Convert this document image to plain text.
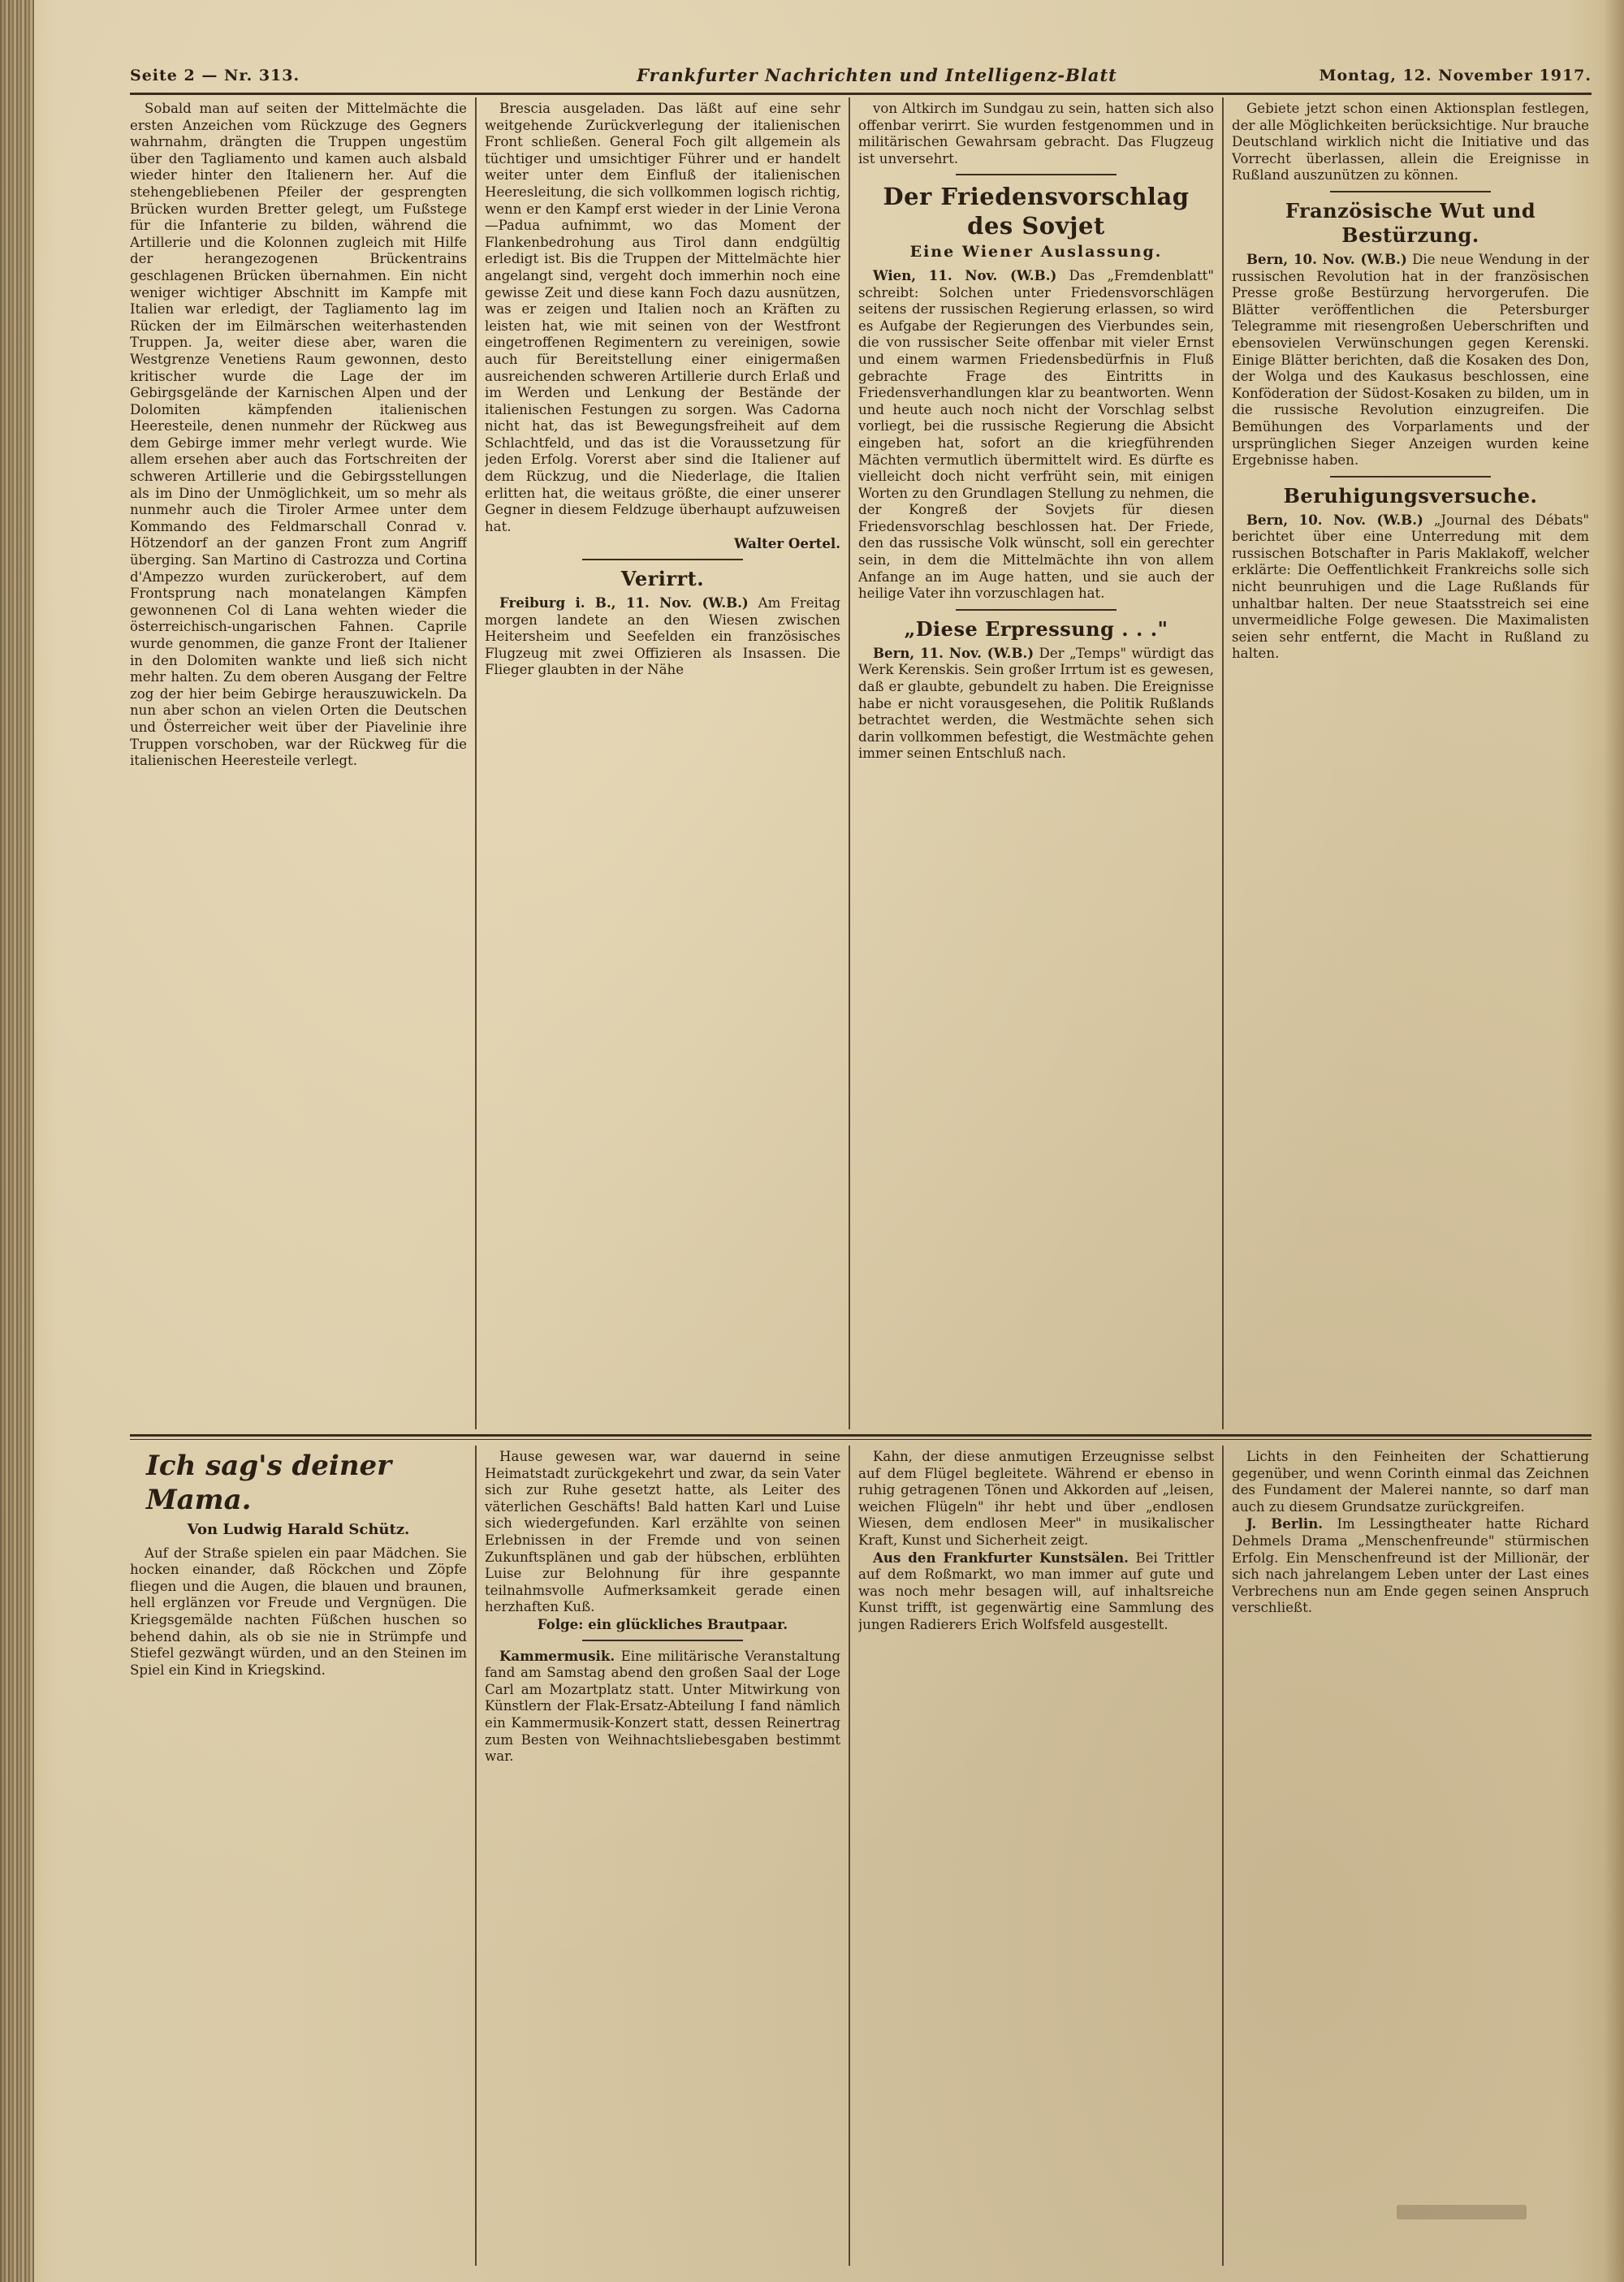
Seite 2 — Nr. 313.	Frankfurter Nachrichten und Intelligenz-Blatt	Montag, 12. November 1917.

Sobald man auf seiten der Mittelmächte die ersten Anzeichen vom Rückzuge des Gegners wahrnahm, drängten die Truppen ungestüm über den Tagliamento und kamen auch alsbald wieder hinter den Italienern her. Auf die stehengebliebenen Pfeiler der gesprengten Brücken wurden Bretter gelegt, um Fußstege für die Infanterie zu bilden, während die Artillerie und die Kolonnen zugleich mit Hilfe der herangezogenen Brückentrains geschlagenen Brücken übernahmen. Ein nicht weniger wichtiger Abschnitt im Kampfe mit Italien war erledigt, der Tagliamento lag im Rücken der im Eilmärschen weiterhastenden Truppen. Ja, weiter diese aber, waren die Westgrenze Venetiens Raum gewonnen, desto kritischer wurde die Lage der im Gebirgsgelände der Karnischen Alpen und der Dolomiten kämpfenden italienischen Heeresteile, denen nunmehr der Rückweg aus dem Gebirge immer mehr verlegt wurde. Wie allem ersehen aber auch das Fortschreiten der schweren Artillerie und die Gebirgsstellungen als im Dino der Unmöglichkeit, um so mehr als nunmehr auch die Tiroler Armee unter dem Kommando des Feldmarschall Conrad v. Hötzendorf an der ganzen Front zum Angriff überging. San Martino di Castrozza und Cortina d'Ampezzo wurden zurückerobert, auf dem Frontsprung nach monatelangen Kämpfen gewonnenen Col di Lana wehten wieder die österreichisch-ungarischen Fahnen. Caprile wurde genommen, die ganze Front der Italiener in den Dolomiten wankte und ließ sich nicht mehr halten. Zu dem oberen Ausgang der Feltre zog der hier beim Gebirge herauszuwickeln. Da nun aber schon an vielen Orten die Deutschen und Österreicher weit über der Piavelinie ihre Truppen vorschoben, war der Rückweg für die italienischen Heeresteile verlegt.

Brescia ausgeladen. Das läßt auf eine sehr weitgehende Zurückverlegung der italienischen Front schließen. General Foch gilt allgemein als tüchtiger und umsichtiger Führer und er handelt weiter unter dem Einfluß der italienischen Heeresleitung, die sich vollkommen logisch richtig, wenn er den Kampf erst wieder in der Linie Verona—Padua aufnimmt, wo das Moment der Flankenbedrohung aus Tirol dann endgültig erledigt ist. Bis die Truppen der Mittelmächte hier angelangt sind, vergeht doch immerhin noch eine gewisse Zeit und diese kann Foch dazu ausnützen, was er zeigen und Italien noch an Kräften zu leisten hat, wie mit seinen von der Westfront eingetroffenen Regimentern zu vereinigen, sowie auch für Bereitstellung einer einigermaßen ausreichenden schweren Artillerie durch Erlaß und im Werden und Lenkung der Bestände der italienischen Festungen zu sorgen. Was Cadorna nicht hat, das ist Bewegungsfreiheit auf dem Schlachtfeld, und das ist die Voraussetzung für jeden Erfolg. Vorerst aber sind die Italiener auf dem Rückzug, und die Niederlage, die Italien erlitten hat, die weitaus größte, die einer unserer Gegner in diesem Feldzuge überhaupt aufzuweisen hat.

Walter Oertel.

Verirrt.

Freiburg i. B., 11. Nov. (W.B.) Am Freitag morgen landete an den Wiesen zwischen Heitersheim und Seefelden ein französisches Flugzeug mit zwei Offizieren als Insassen. Die Flieger glaubten in der Nähe

von Altkirch im Sundgau zu sein, hatten sich also offenbar verirrt. Sie wurden festgenommen und in militärischen Gewahrsam gebracht. Das Flugzeug ist unversehrt.

Der Friedensvorschlag des Sovjet
Eine Wiener Auslassung.

Wien, 11. Nov. (W.B.) Das „Fremdenblatt" schreibt: Solchen unter Friedensvorschlägen seitens der russischen Regierung erlassen, so wird es Aufgabe der Regierungen des Vierbundes sein, die von russischer Seite offenbar mit vieler Ernst und einem warmen Friedensbedürfnis in Fluß gebrachte Frage des Eintritts in Friedensverhandlungen klar zu beantworten. Wenn und heute auch noch nicht der Vorschlag selbst vorliegt, bei die russische Regierung die Absicht eingeben hat, sofort an die kriegführenden Mächten vermutlich übermittelt wird. Es dürfte es vielleicht doch nicht verfrüht sein, mit einigen Worten zu den Grundlagen Stellung zu nehmen, die der Kongreß der Sovjets für diesen Friedensvorschlag beschlossen hat. Der Friede, den das russische Volk wünscht, soll ein gerechter sein, in dem die Mittelmächte ihn von allem Anfange an im Auge hatten, und sie auch der heilige Vater ihn vorzuschlagen hat.

„Diese Erpressung . . ."

Bern, 11. Nov. (W.B.) Der „Temps" würdigt das Werk Kerenskis. Sein großer Irrtum ist es gewesen, daß er glaubte, gebundelt zu haben. Die Ereignisse habe er nicht vorausgesehen, die Politik Rußlands betrachtet werden, die Westmächte sehen sich darin vollkommen befestigt, die Westmächte gehen immer seinen Entschluß nach.

Gebiete jetzt schon einen Aktionsplan festlegen, der alle Möglichkeiten berücksichtige. Nur brauche Deutschland wirklich nicht die Initiative und das Vorrecht überlassen, allein die Ereignisse in Rußland auszunützen zu können.

Französische Wut und Bestürzung.

Bern, 10. Nov. (W.B.) Die neue Wendung in der russischen Revolution hat in der französischen Presse große Bestürzung hervorgerufen. Die Blätter veröffentlichen die Petersburger Telegramme mit riesengroßen Ueberschriften und ebensovielen Verwünschungen gegen Kerenski. Einige Blätter berichten, daß die Kosaken des Don, der Wolga und des Kaukasus beschlossen, eine Konföderation der Südost-Kosaken zu bilden, um in die russische Revolution einzugreifen. Die Bemühungen des Vorparlaments und der ursprünglichen Sieger Anzeigen wurden keine Ergebnisse haben.

Beruhigungsversuche.

Bern, 10. Nov. (W.B.) „Journal des Débats" berichtet über eine Unterredung mit dem russischen Botschafter in Paris Maklakoff, welcher erklärte: Die Oeffentlichkeit Frankreichs solle sich nicht beunruhigen und die Lage Rußlands für unhaltbar halten. Der neue Staatsstreich sei eine unvermeidliche Folge gewesen. Die Maximalisten seien sehr entfernt, die Macht in Rußland zu halten.

Ich sag's deiner Mama.
Von Ludwig Harald Schütz.

Auf der Straße spielen ein paar Mädchen. Sie hocken einander, daß Röckchen und Zöpfe fliegen und die Augen, die blauen und braunen, hell erglänzen vor Freude und Vergnügen. Die Kriegsgemälde nachten Füßchen huschen so behend dahin, als ob sie nie in Strümpfe und Stiefel gezwängt würden, und an den Steinen im Spiel ein Kind in Kriegskind.

Hause gewesen war, war dauernd in seine Heimatstadt zurückgekehrt und zwar, da sein Vater sich zur Ruhe gesetzt hatte, als Leiter des väterlichen Geschäfts! Bald hatten Karl und Luise sich wiedergefunden. Karl erzählte von seinen Erlebnissen in der Fremde und von seinen Zukunftsplänen und gab der hübschen, erblühten Luise zur Belohnung für ihre gespannte teilnahmsvolle Aufmerksamkeit gerade einen herzhaften Kuß.

Folge: ein glückliches Brautpaar.

Kammermusik. Eine militärische Veranstaltung fand am Samstag abend den großen Saal der Loge Carl am Mozartplatz statt. Unter Mitwirkung von Künstlern der Flak-Ersatz-Abteilung I fand nämlich ein Kammermusik-Konzert statt, dessen Reinertrag zum Besten von Weihnachtsliebesgaben bestimmt war.

Kahn, der diese anmutigen Erzeugnisse selbst auf dem Flügel begleitete. Während er ebenso in ruhig getragenen Tönen und Akkorden auf „leisen, weichen Flügeln" ihr hebt und über „endlosen Wiesen, dem endlosen Meer" in musikalischer Kraft, Kunst und Sicherheit zeigt.

Aus den Frankfurter Kunstsälen. Bei Trittler auf dem Roßmarkt, wo man immer auf gute und was noch mehr besagen will, auf inhaltsreiche Kunst trifft, ist gegenwärtig eine Sammlung des jungen Radierers Erich Wolfsfeld ausgestellt.

Lichts in den Feinheiten der Schattierung gegenüber, und wenn Corinth einmal das Zeichnen des Fundament der Malerei nannte, so darf man auch zu diesem Grundsatze zurückgreifen.

J. Berlin. Im Lessingtheater hatte Richard Dehmels Drama „Menschenfreunde" stürmischen Erfolg. Ein Menschenfreund ist der Millionär, der sich nach jahrelangem Leben unter der Last eines Verbrechens nun am Ende gegen seinen Anspruch verschließt.
